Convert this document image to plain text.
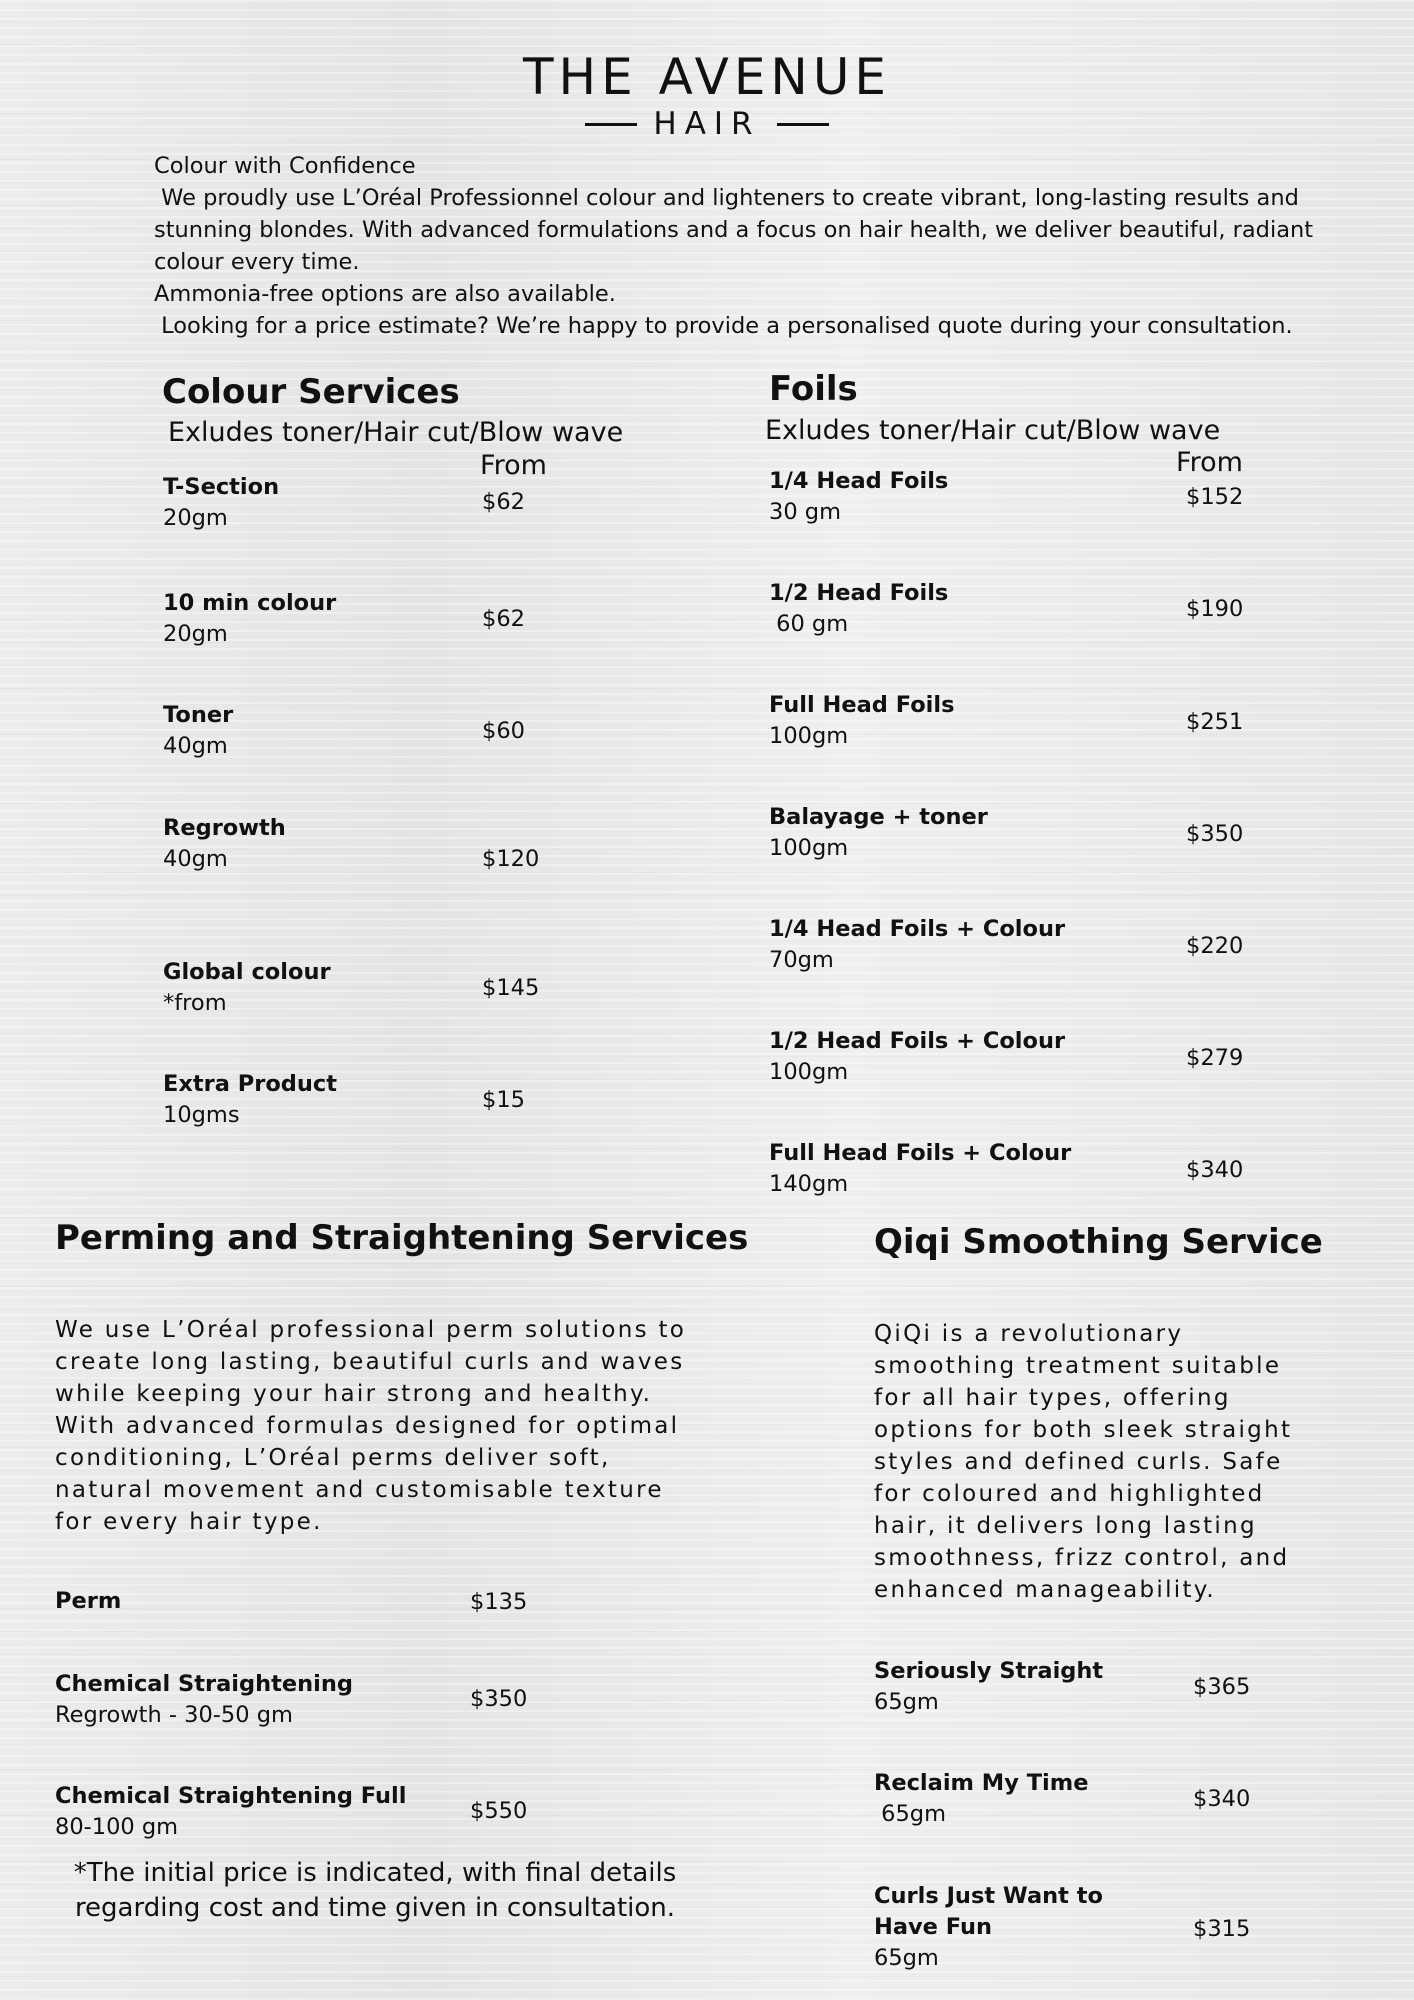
THE AVENUE
HAIR

Colour with Confidence

We proudly use L’Oréal Professionnel colour and lighteners to create vibrant, long-lasting results and stunning blondes. With advanced formulations and a focus on hair health, we deliver beautiful, radiant colour every time.

Ammonia-free options are also available.

Looking for a price estimate? We’re happy to provide a personalised quote during your consultation.

Colour Services
Exludes toner/Hair cut/Blow wave
From
T-Section
20gm
$62
10 min colour
20gm
$62
Toner
40gm
$60
Regrowth
40gm	$120
Global colour
*from
$145
Extra Product
10gms
$15
Foils
Exludes toner/Hair cut/Blow wave
From
1/4 Head Foils
30 gm
$152
1/2 Head Foils
60 gm
$190
Full Head Foils
100gm
$251
Balayage + toner
100gm
$350
1/4 Head Foils + Colour
70gm
$220
1/2 Head Foils + Colour
100gm
$279
Full Head Foils + Colour
140gm
$340
Perming and Straightening Services
We use L’Oréal professional perm solutions to create long lasting, beautiful curls and waves while keeping your hair strong and healthy. With advanced formulas designed for optimal conditioning, L’Oréal perms deliver soft, natural movement and customisable texture for every hair type.
Perm	$135
Chemical Straightening
Regrowth - 30-50 gm
$350
Chemical Straightening Full
80-100 gm
$550
*The initial price is indicated, with final details regarding cost and time given in consultation.
Qiqi Smoothing Service
QiQi is a revolutionary smoothing treatment suitable for all hair types, offering options for both sleek straight styles and defined curls. Safe for coloured and highlighted hair, it delivers long lasting smoothness, frizz control, and enhanced manageability.
Seriously Straight
65gm
$365
Reclaim My Time
65gm
$340
Curls Just Want to Have Fun
65gm
$315
